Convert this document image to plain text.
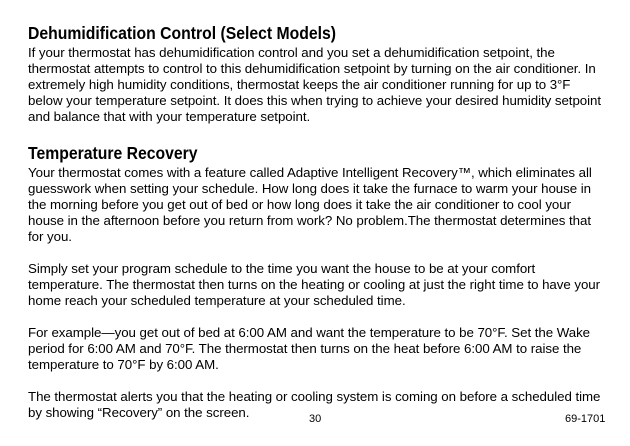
Dehumidification Control (Select Models)

If your thermostat has dehumidification control and you set a dehumidification setpoint, the thermostat attempts to control to this dehumidification setpoint by turning on the air conditioner. In extremely high humidity conditions, thermostat keeps the air conditioner running for up to 3°F below your temperature setpoint. It does this when trying to achieve your desired humidity setpoint and balance that with your temperature setpoint.

Temperature Recovery

Your thermostat comes with a feature called Adaptive Intelligent Recovery™, which eliminates all guesswork when setting your schedule. How long does it take the furnace to warm your house in the morning before you get out of bed or how long does it take the air conditioner to cool your house in the afternoon before you return from work? No problem.The thermostat determines that for you.

Simply set your program schedule to the time you want the house to be at your comfort temperature. The thermostat then turns on the heating or cooling at just the right time to have your home reach your scheduled temperature at your scheduled time.

For example—you get out of bed at 6:00 AM and want the temperature to be 70°F. Set the Wake period for 6:00 AM and 70°F. The thermostat then turns on the heat before 6:00 AM to raise the temperature to 70°F by 6:00 AM.

The thermostat alerts you that the heating or cooling system is coming on before a scheduled time by showing “Recovery” on the screen.	30	69-1701
